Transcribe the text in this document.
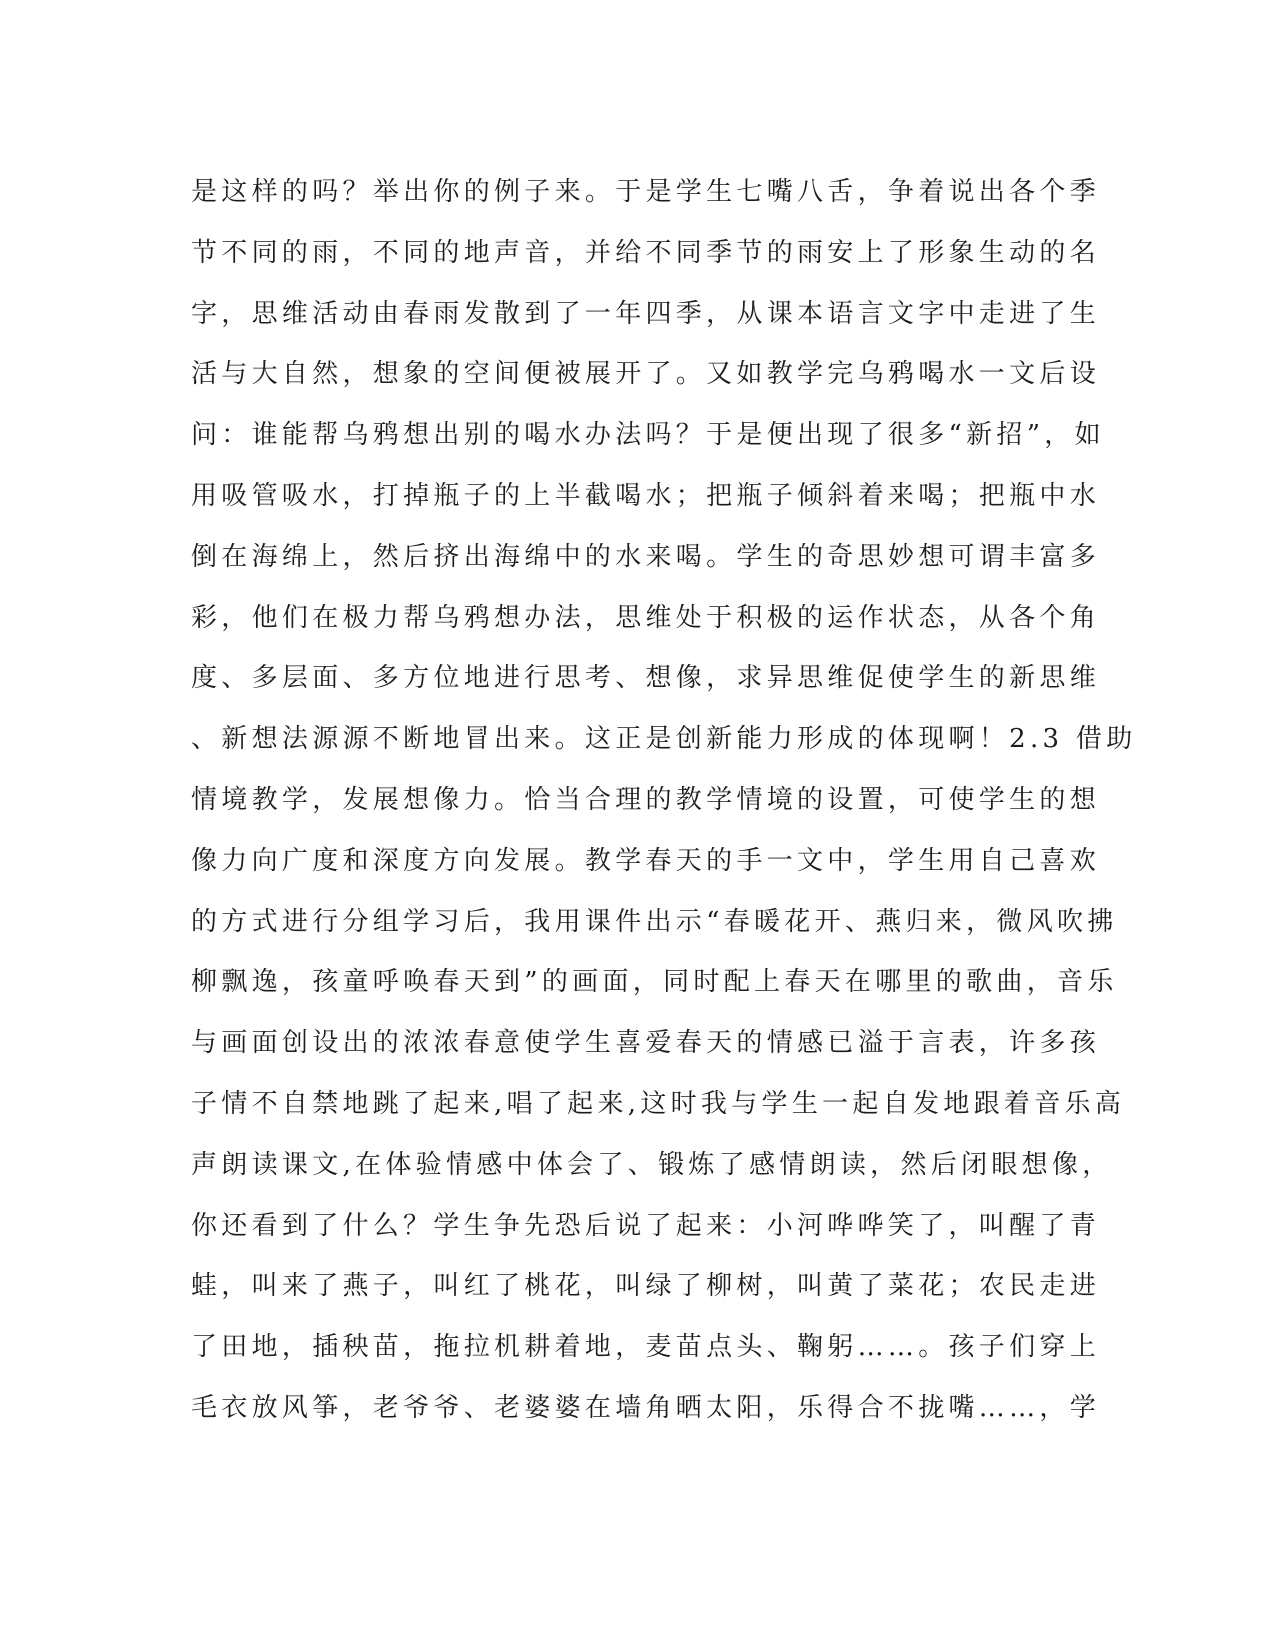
是这样的吗？举出你的例子来。于是学生七嘴八舌，争着说出各个季
节不同的雨，不同的地声音，并给不同季节的雨安上了形象生动的名
字，思维活动由春雨发散到了一年四季，从课本语言文字中走进了生
活与大自然，想象的空间便被展开了。又如教学完乌鸦喝水一文后设
问：谁能帮乌鸦想出别的喝水办法吗？于是便出现了很多“新招”，如
用吸管吸水，打掉瓶子的上半截喝水；把瓶子倾斜着来喝；把瓶中水
倒在海绵上，然后挤出海绵中的水来喝。学生的奇思妙想可谓丰富多
彩，他们在极力帮乌鸦想办法，思维处于积极的运作状态，从各个角
度、多层面、多方位地进行思考、想像，求异思维促使学生的新思维
、新想法源源不断地冒出来。这正是创新能力形成的体现啊！2.3 借助
情境教学，发展想像力。恰当合理的教学情境的设置，可使学生的想
像力向广度和深度方向发展。教学春天的手一文中，学生用自己喜欢
的方式进行分组学习后，我用课件出示“春暖花开、燕归来，微风吹拂
柳飘逸，孩童呼唤春天到”的画面，同时配上春天在哪里的歌曲，音乐
与画面创设出的浓浓春意使学生喜爱春天的情感已溢于言表，许多孩
子情不自禁地跳了起来,唱了起来,这时我与学生一起自发地跟着音乐高
声朗读课文,在体验情感中体会了、锻炼了感情朗读，然后闭眼想像，
你还看到了什么？学生争先恐后说了起来：小河哗哗笑了，叫醒了青
蛙，叫来了燕子，叫红了桃花，叫绿了柳树，叫黄了菜花；农民走进
了田地，插秧苗，拖拉机耕着地，麦苗点头、鞠躬……。孩子们穿上
毛衣放风筝，老爷爷、老婆婆在墙角晒太阳，乐得合不拢嘴……，学
